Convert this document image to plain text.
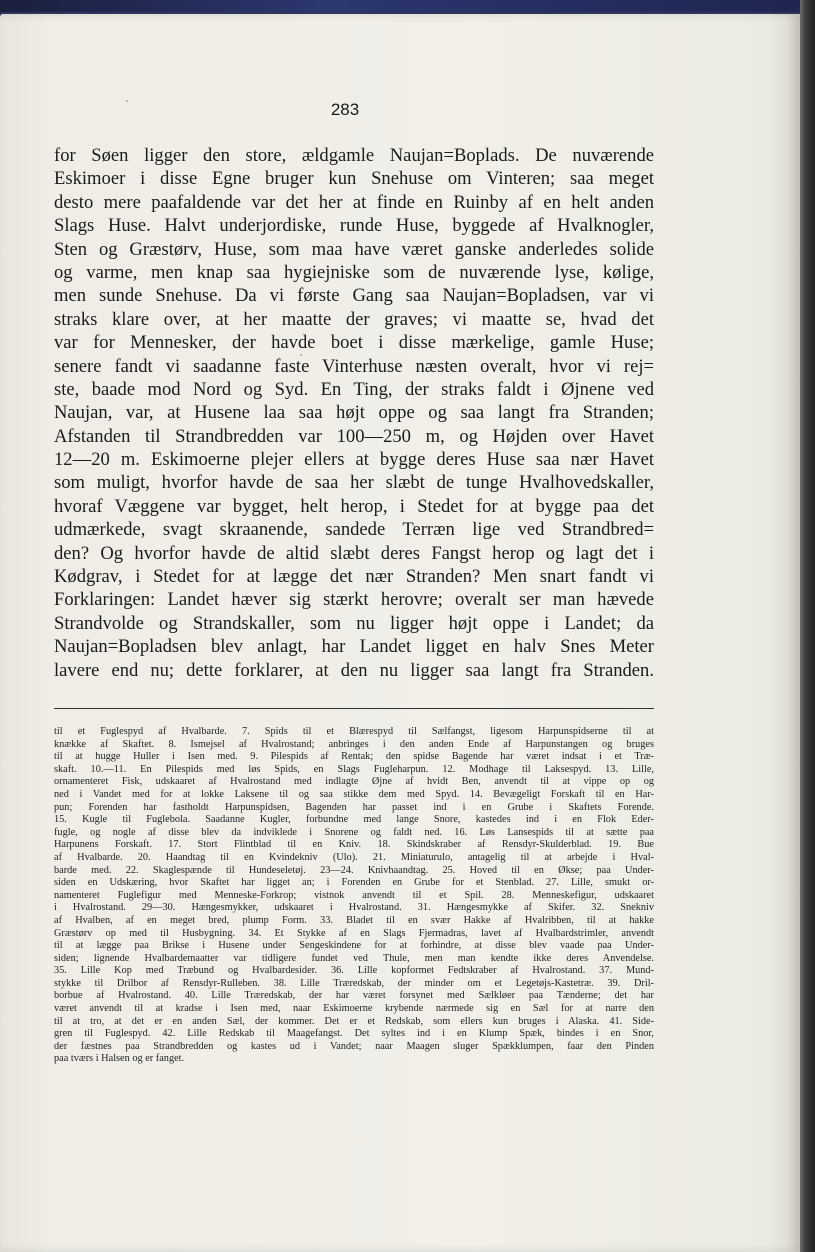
283
for Søen ligger den store, ældgamle Naujan=Boplads. De nuværende
Eskimoer i disse Egne bruger kun Snehuse om Vinteren; saa meget
desto mere paafaldende var det her at finde en Ruinby af en helt anden
Slags Huse. Halvt underjordiske, runde Huse, byggede af Hvalknogler,
Sten og Græstørv, Huse, som maa have været ganske anderledes solide
og varme, men knap saa hygiejniske som de nuværende lyse, kølige,
men sunde Snehuse. Da vi første Gang saa Naujan=Bopladsen, var vi
straks klare over, at her maatte der graves; vi maatte se, hvad det
var for Mennesker, der havde boet i disse mærkelige, gamle Huse;
senere fandt vi saadanne faste Vinterhuse næsten overalt, hvor vi rej=
ste, baade mod Nord og Syd. En Ting, der straks faldt i Øjnene ved
Naujan, var, at Husene laa saa højt oppe og saa langt fra Stranden;
Afstanden til Strandbredden var 100—250 m, og Højden over Havet
12—20 m. Eskimoerne plejer ellers at bygge deres Huse saa nær Havet
som muligt, hvorfor havde de saa her slæbt de tunge Hvalhovedskaller,
hvoraf Væggene var bygget, helt herop, i Stedet for at bygge paa det
udmærkede, svagt skraanende, sandede Terræn lige ved Strandbred=
den? Og hvorfor havde de altid slæbt deres Fangst herop og lagt det i
Kødgrav, i Stedet for at lægge det nær Stranden? Men snart fandt vi
Forklaringen: Landet hæver sig stærkt herovre; overalt ser man hævede
Strandvolde og Strandskaller, som nu ligger højt oppe i Landet; da
Naujan=Bopladsen blev anlagt, har Landet ligget en halv Snes Meter
lavere end nu; dette forklarer, at den nu ligger saa langt fra Stranden.
til et Fuglespyd af Hvalbarde. 7. Spids til et Blærespyd til Sælfangst, ligesom Harpunspidserne til at
knække af Skaftet. 8. Ismejsel af Hvalrostand; anbringes i den anden Ende af Harpunstangen og bruges
til at hugge Huller i Isen med. 9. Pilespids af Rentak; den spidse Bagende har været indsat i et Træ-
skaft. 10.—11. En Pilespids med løs Spids, en Slags Fugleharpun. 12. Modhage til Laksespyd. 13. Lille,
ornamenteret Fisk, udskaaret af Hvalrostand med indlagte Øjne af hvidt Ben, anvendt til at vippe op og
ned i Vandet med for at lokke Laksene til og saa stikke dem med Spyd. 14. Bevægeligt Forskaft til en Har-
pun; Forenden har fastholdt Harpunspidsen, Bagenden har passet ind i en Grube i Skaftets Forende.
15. Kugle til Fuglebola. Saadanne Kugler, forbundne med lange Snore, kastedes ind i en Flok Eder-
fugle, og nogle af disse blev da indviklede i Snorene og faldt ned. 16. Løs Lansespids til at sætte paa
Harpunens Forskaft. 17. Stort Flintblad til en Kniv. 18. Skindskraber af Rensdyr-Skulderblad. 19. Bue
af Hvalbarde. 20. Haandtag til en Kvindekniv (Ulo). 21. Miniaturulo, antagelig til at arbejde i Hval-
barde med. 22. Skaglespænde til Hundeseletøj. 23—24. Knivhaandtag. 25. Hoved til en Økse; paa Under-
siden en Udskæring, hvor Skaftet har ligget an; i Forenden en Grube for et Stenblad. 27. Lille, smukt or-
namenteret Fuglefigur med Menneske-Forkrop; vistnok anvendt til et Spil. 28. Menneskefigur, udskaaret
i Hvalrostand. 29—30. Hængesmykker, udskaaret i Hvalrostand. 31. Hængesmykke af Skifer. 32. Snekniv
af Hvalben, af en meget bred, plump Form. 33. Bladet til en svær Hakke af Hvalribben, til at hakke
Græstørv op med til Husbygning. 34. Et Stykke af en Slags Fjermadras, lavet af Hvalbardstrimler, anvendt
til at lægge paa Brikse i Husene under Sengeskindene for at forhindre, at disse blev vaade paa Under-
siden; lignende Hvalbardemaatter var tidligere fundet ved Thule, men man kendte ikke deres Anvendelse.
35. Lille Kop med Træbund og Hvalbardesider. 36. Lille kopformet Fedtskraber af Hvalrostand. 37. Mund-
stykke til Drilbor af Rensdyr-Rulleben. 38. Lille Træredskab, der minder om et Legetøjs-Kastetræ. 39. Dril-
borbue af Hvalrostand. 40. Lille Træredskab, der har været forsynet med Sælkløer paa Tænderne; det har
været anvendt til at kradse i Isen med, naar Eskimoerne krybende nærmede sig en Sæl for at narre den
til at tro, at det er en anden Sæl, der kommer. Det er et Redskab, som ellers kun bruges i Alaska. 41. Side-
gren til Fuglespyd. 42. Lille Redskab til Maagefangst. Det syltes ind i en Klump Spæk, bindes i en Snor,
der fæstnes paa Strandbredden og kastes ud i Vandet; naar Maagen sluger Spækklumpen, faar den Pinden
paa tværs i Halsen og er fanget.
